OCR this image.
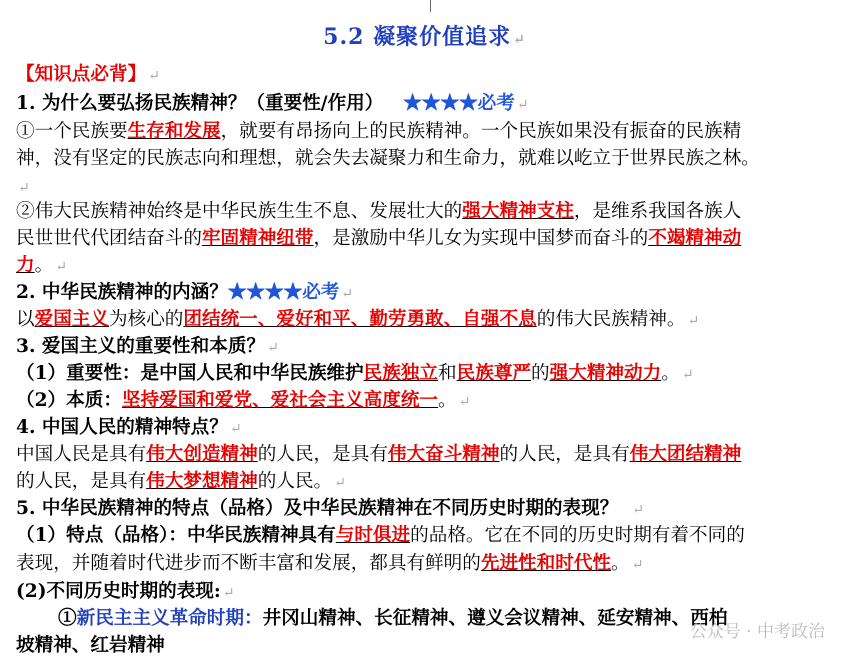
5.2 凝聚价值追求 ↵
【知识点必背】 ↵
1. 为什么要弘扬民族精神？（重要性/作用） ★★★★必考 ↵
①一个民族要生存和发展，就要有昂扬向上的民族精神。一个民族如果没有振奋的民族精
神，没有坚定的民族志向和理想，就会失去凝聚力和生命力，就难以屹立于世界民族之林。
↵
②伟大民族精神始终是中华民族生生不息、发展壮大的强大精神支柱，是维系我国各族人
民世世代代团结奋斗的牢固精神纽带，是激励中华儿女为实现中国梦而奋斗的不竭精神动
力。 ↵
2. 中华民族精神的内涵？★★★★必考 ↵
以爱国主义为核心的团结统一、爱好和平、勤劳勇敢、自强不息的伟大民族精神。 ↵
3. 爱国主义的重要性和本质？ ↵
（1）重要性：是中国人民和中华民族维护民族独立和民族尊严的强大精神动力。 ↵
（2）本质：坚持爱国和爱党、爱社会主义高度统一。 ↵
4. 中国人民的精神特点？ ↵
中国人民是具有伟大创造精神的人民，是具有伟大奋斗精神的人民，是具有伟大团结精神
的人民，是具有伟大梦想精神的人民。 ↵
5. 中华民族精神的特点（品格）及中华民族精神在不同历史时期的表现？ ↵
（1）特点（品格）：中华民族精神具有与时俱进的品格。它在不同的历史时期有着不同的
表现，并随着时代进步而不断丰富和发展，都具有鲜明的先进性和时代性。 ↵
(2)不同历史时期的表现: ↵
①新民主主义革命时期：井冈山精神、长征精神、遵义会议精神、延安精神、西柏
坡精神、红岩精神
公众号 · 中考政治
